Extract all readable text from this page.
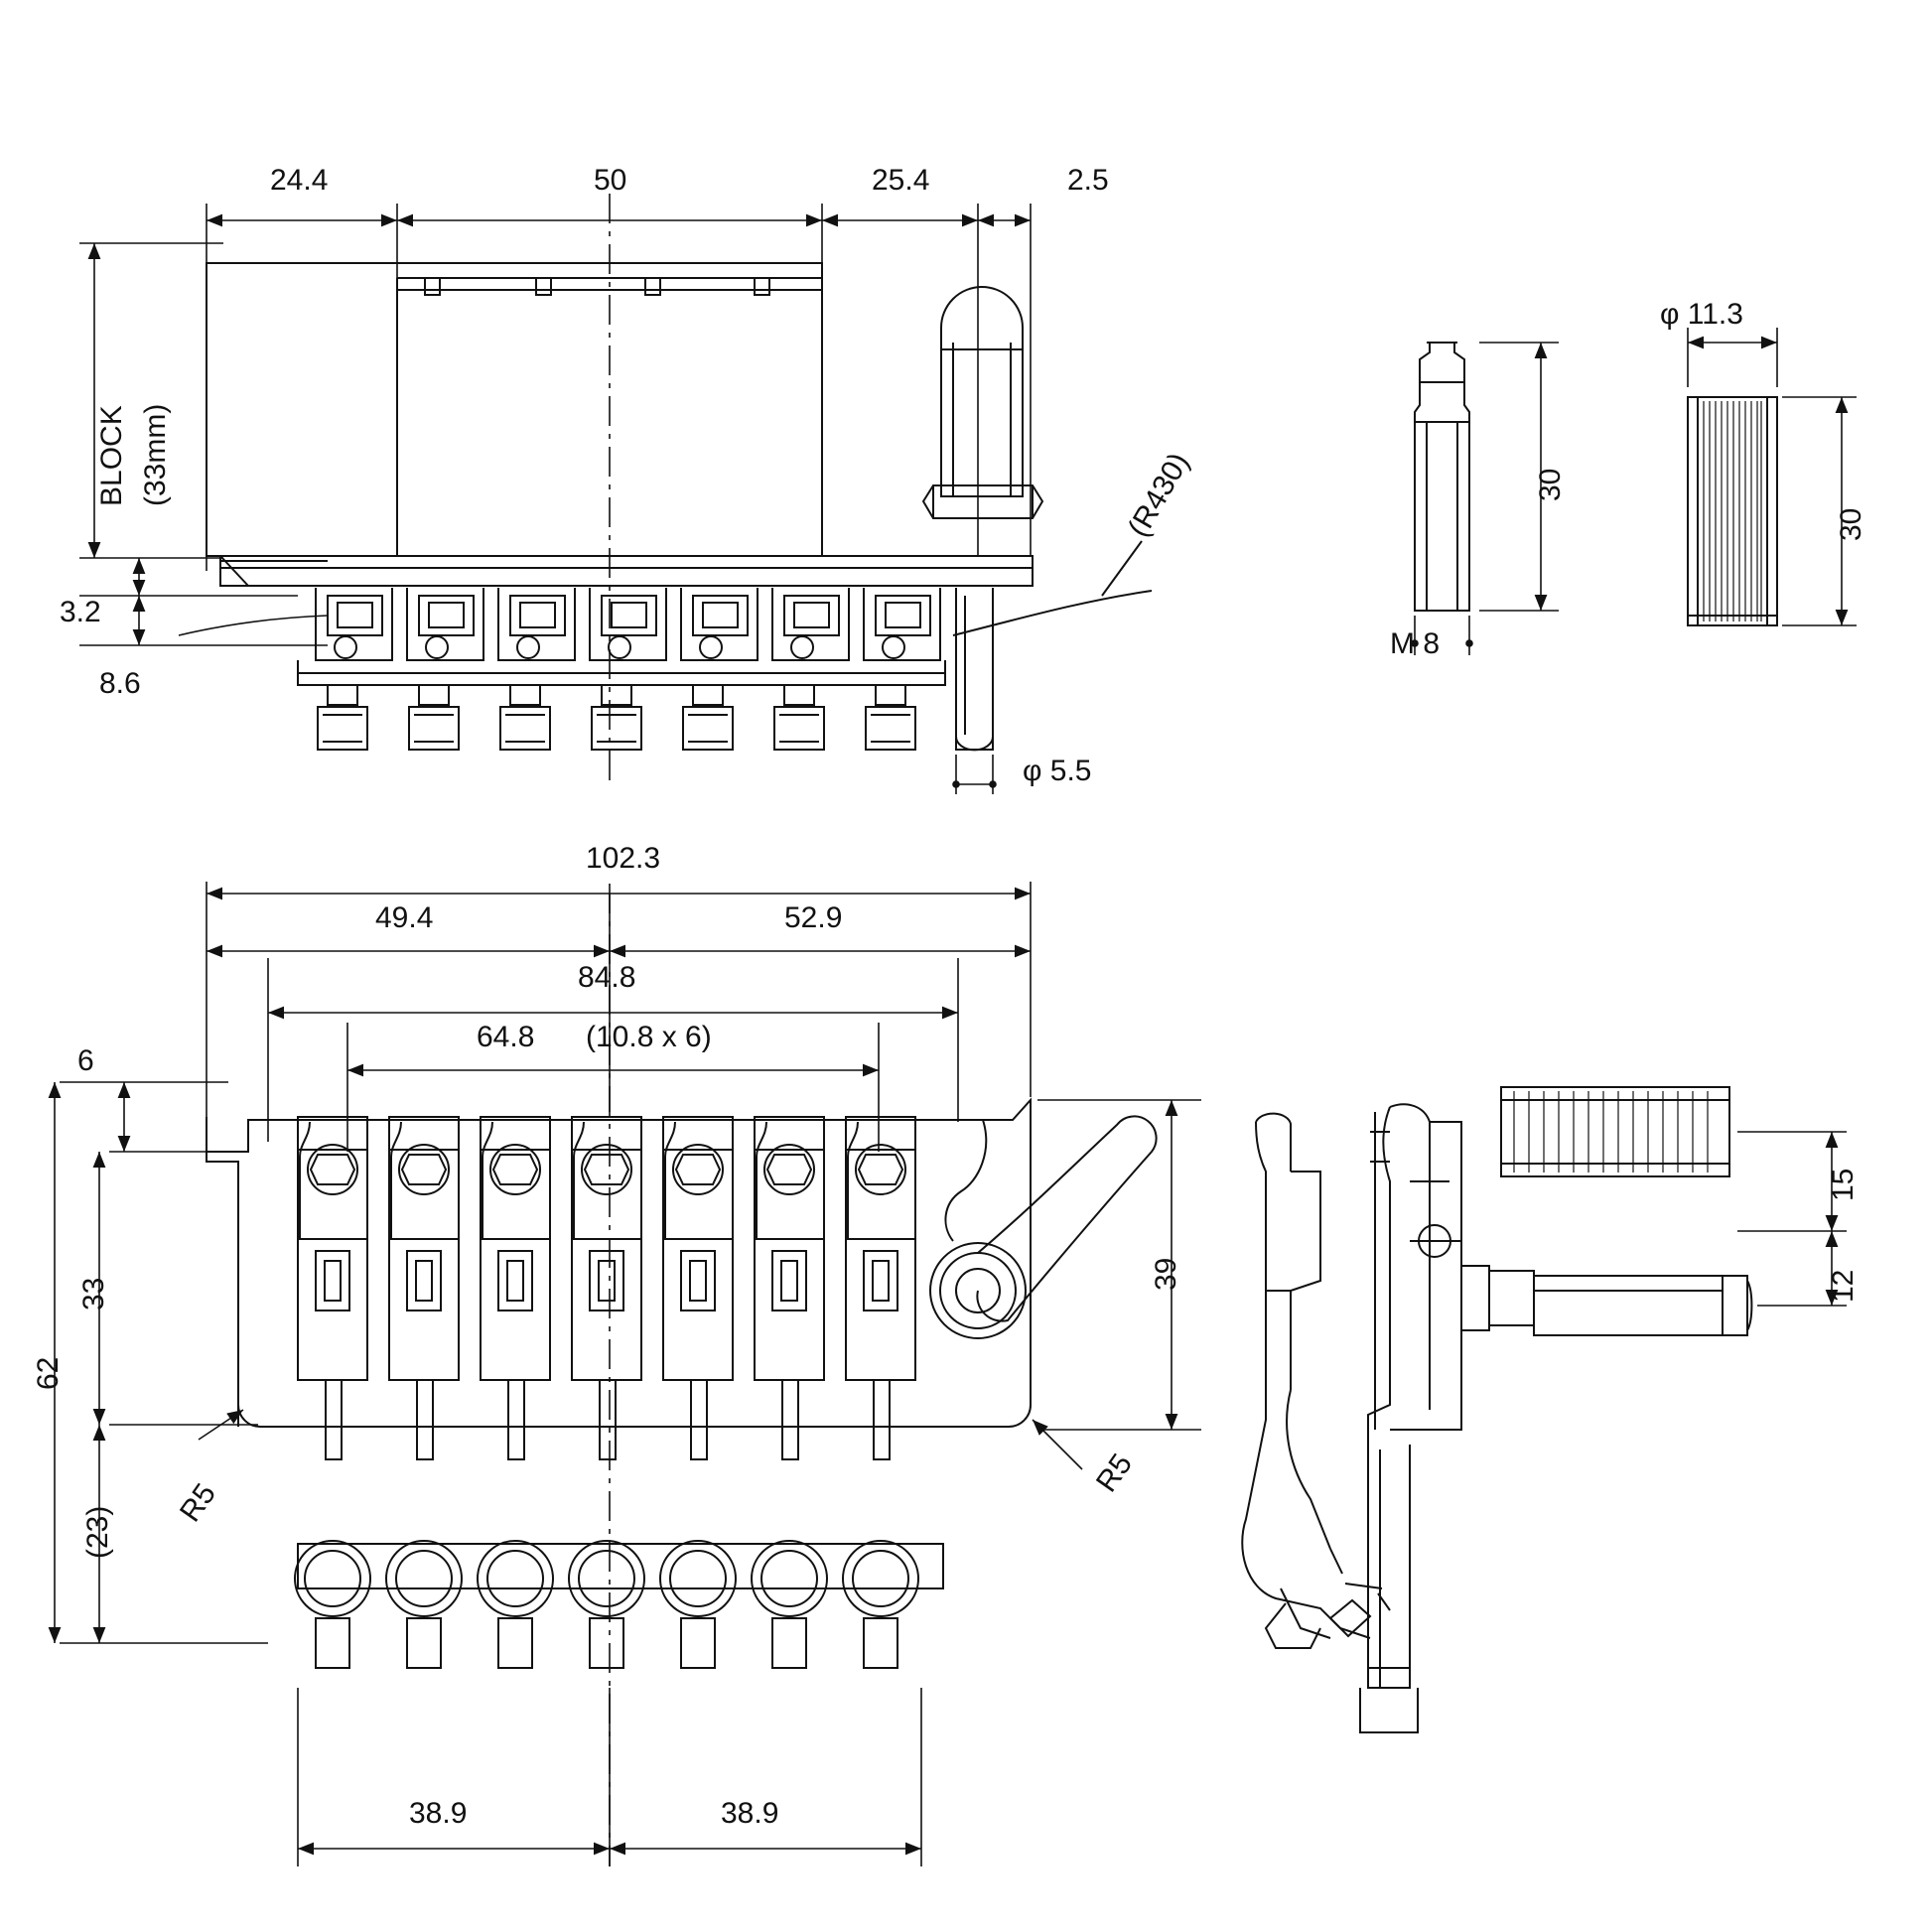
24.4	50	25.4	2.5
BLOCK (33mm)
3.2
8.6
(R430)
φ 5.5
30
M 8
φ 11.3
30
102.3
49.4	52.9
84.8
64.8 (10.8 x 6)
6
33
(23)
62
39
R5
R5
38.9	38.9
15
12
